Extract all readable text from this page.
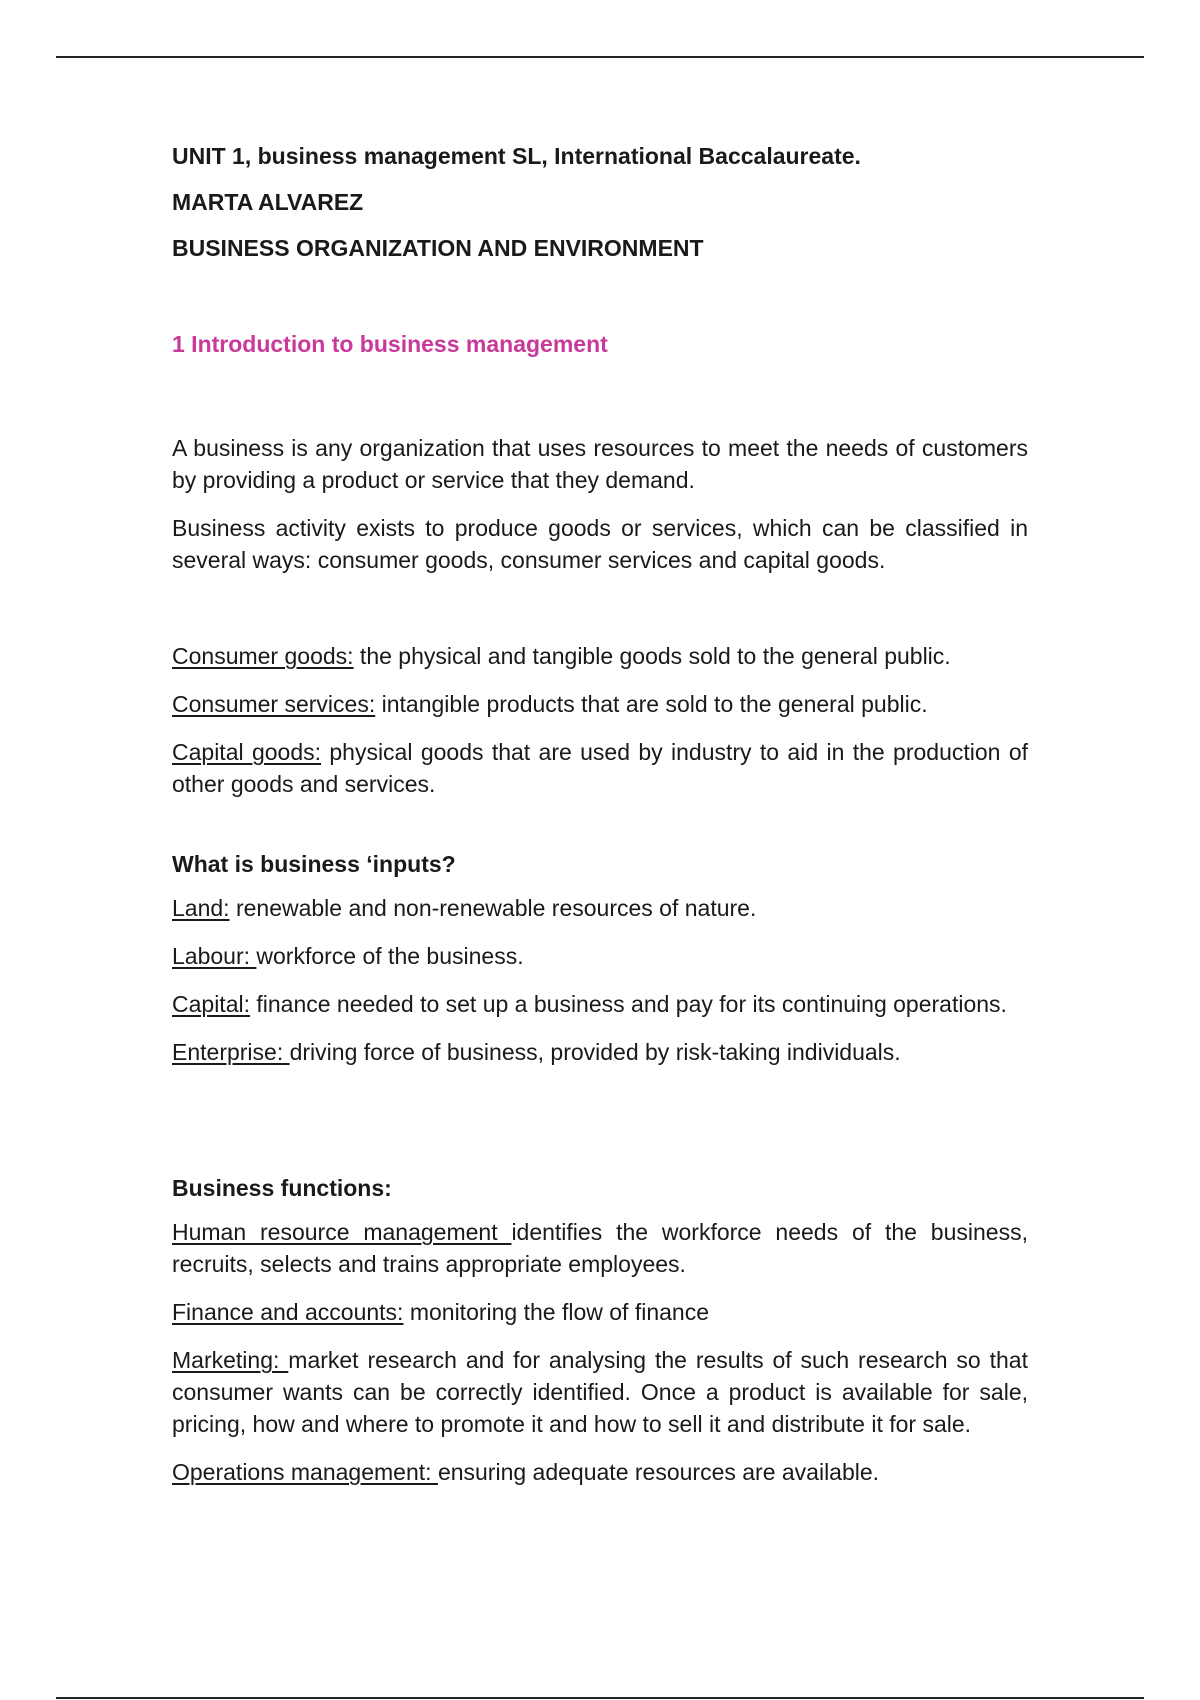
UNIT 1, business management SL, International Baccalaureate.

MARTA ALVAREZ

BUSINESS ORGANIZATION AND ENVIRONMENT

1 Introduction to business management

A business is any organization that uses resources to meet the needs of customers by providing a product or service that they demand.

Business activity exists to produce goods or services, which can be classified in several ways: consumer goods, consumer services and capital goods.

Consumer goods: the physical and tangible goods sold to the general public.

Consumer services: intangible products that are sold to the general public.

Capital goods: physical goods that are used by industry to aid in the production of other goods and services.

What is business ‘inputs?

Land: renewable and non-renewable resources of nature.

Labour: workforce of the business.

Capital: finance needed to set up a business and pay for its continuing operations.

Enterprise: driving force of business, provided by risk-taking individuals.

Business functions:

Human resource management identifies the workforce needs of the business, recruits, selects and trains appropriate employees.

Finance and accounts: monitoring the flow of finance

Marketing: market research and for analysing the results of such research so that consumer wants can be correctly identified. Once a product is available for sale, pricing, how and where to promote it and how to sell it and distribute it for sale.

Operations management: ensuring adequate resources are available.
